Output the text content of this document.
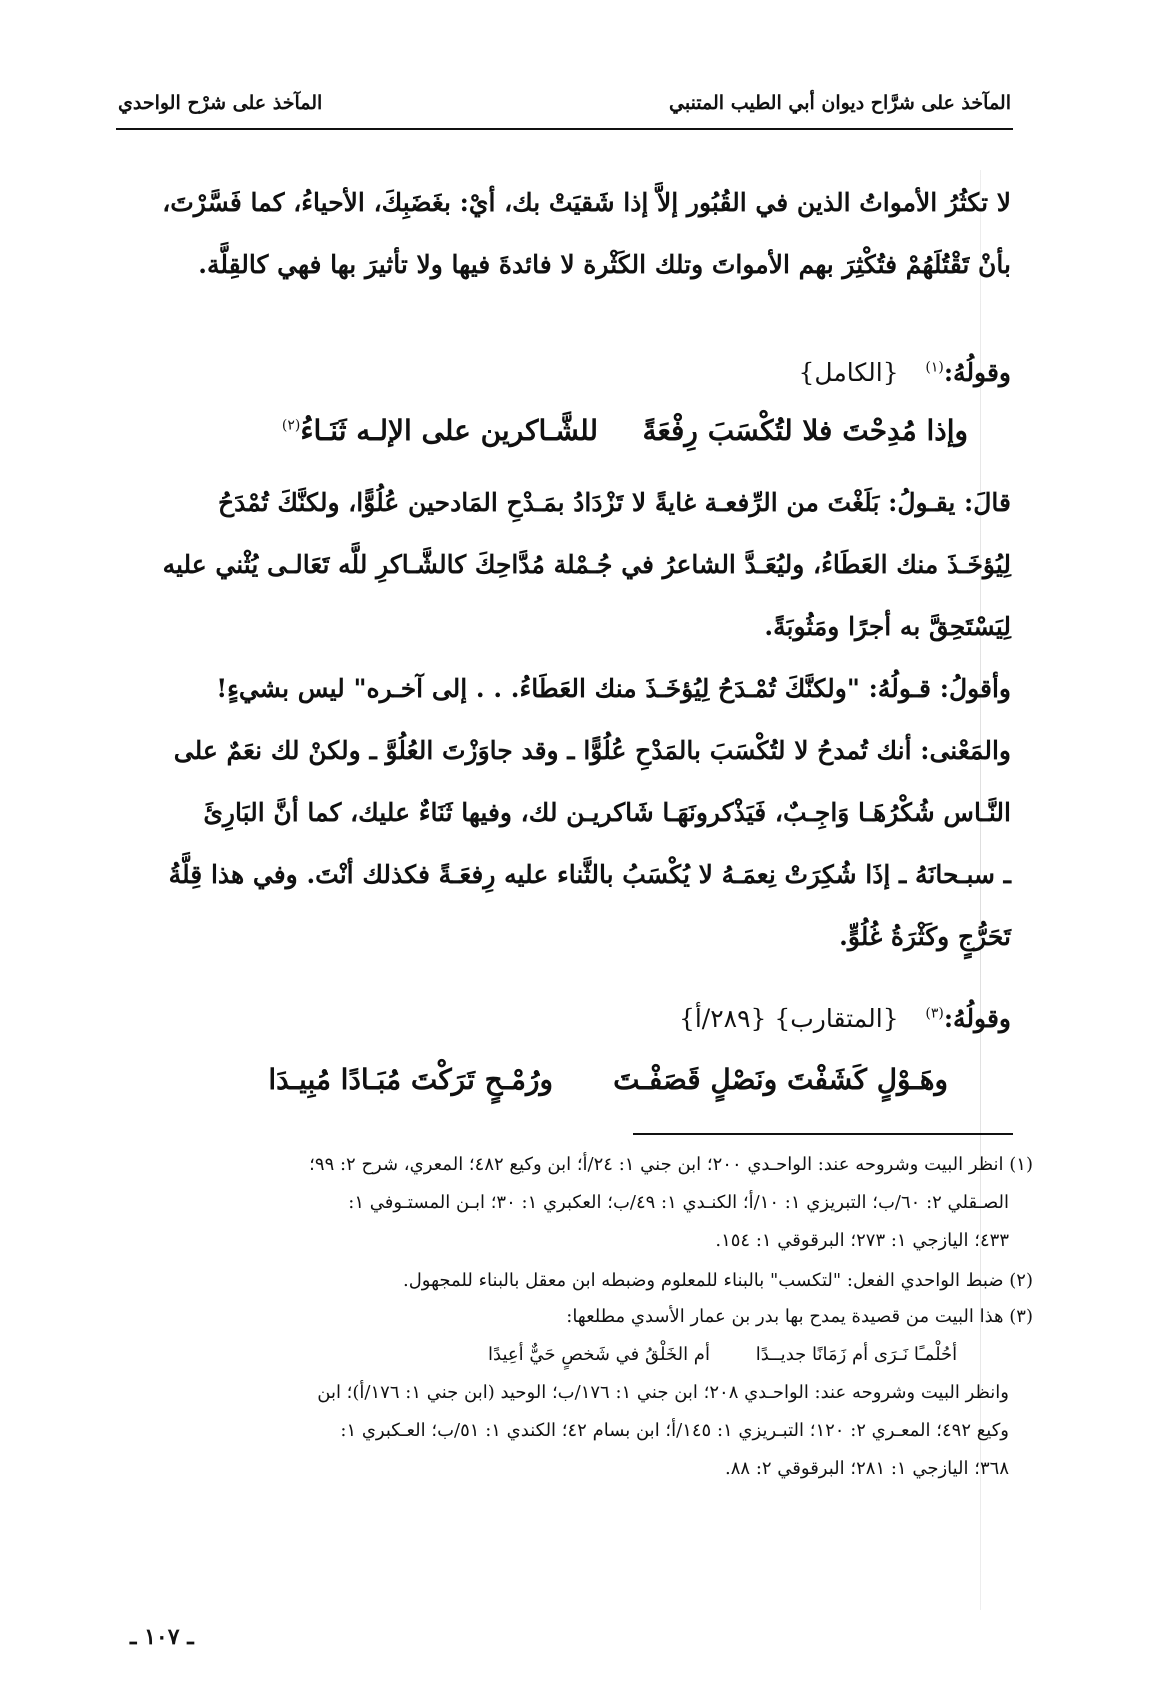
المآخذ على شرَّاح ديوان أبي الطيب المتنبي
المآخذ على شرْح الواحدي
لا تكثُرُ الأمواتُ الذين في القُبُور إلاَّ إذا شَقيَتْ بك، أيْ: بغَضَبِكَ، الأحياءُ، كما فَسَّرْتَ،
بأنْ تَقْتُلَهُمْ فتُكْثِرَ بهم الأمواتَ وتلك الكَثْرة لا فائدةَ فيها ولا تأثيرَ بها فهي كالقِلَّة.
وقولُهُ:$^{(١)}$ {الكامل}
وإذا مُدِحْتَ فلا لتُكْسَبَ رِفْعَةً
للشَّـاكرين على الإلـه ثَنَـاءُ$^{(٢)}$
قالَ: يقـولُ: بَلَغْتَ من الرِّفعـة غايةً لا تَزْدَادُ بمَـدْحِ المَادحين عُلُوًّا، ولكنَّكَ تُمْدَحُ
لِيُؤخَـذَ منك العَطَاءُ، وليُعَـدَّ الشاعرُ في جُـمْلة مُدَّاحِكَ كالشَّـاكرِ للَّه تَعَالـى يُثْني عليه
لِيَسْتَحِقَّ به أجرًا ومَثُوبَةً.
وأقولُ: قـولُهُ: "ولكنَّكَ تُمْـدَحُ لِيُؤخَـذَ منك العَطَاءُ. . . إلى آخـره" ليس بشيءٍ!
والمَعْنى: أنك تُمدحُ لا لتُكْسَبَ بالمَدْحِ عُلُوًّا ـ وقد جاوَزْتَ العُلُوَّ ـ ولكنْ لك نعَمٌ على
النَّـاس شُكْرُهَـا وَاجِـبٌ، فَيَذْكرونَهَـا شَاكريـن لك، وفيها ثَنَاءٌ عليك، كما أنَّ البَارِئَ
ـ سبـحانَهُ ـ إذَا شُكِرَتْ نِعمَـهُ لا يُكْسَبُ بالثَّناء عليه رِفعَـةً فكذلك أنْتَ. وفي هذا قِلَّةُ
تَحَرُّجٍ وكَثْرَةُ غُلُوٍّ.
وقولُهُ:$^{(٣)}$ {المتقارب} {٢٨٩/أ}
وهَـوْلٍ كَشَفْتَ ونَصْلٍ قَصَفْـتَ
ورُمْـحٍ تَرَكْتَ مُبَـادًا مُبِيـدَا

(١) انظر البيت وشروحه عند: الواحـدي ٢٠٠؛ ابن جني ١: ٢٤/أ؛ ابن وكيع ٤٨٢؛ المعري، شرح ٢: ٩٩؛

الصـقلي ٢: ٦٠/ب؛ التبريزي ١: ١٠/أ؛ الكنـدي ١: ٤٩/ب؛ العكبري ١: ٣٠؛ ابـن المستـوفي ١:

٤٣٣؛ اليازجي ١: ٢٧٣؛ البرقوقي ١: ١٥٤.

(٢) ضبط الواحدي الفعل: "لتكسب" بالبناء للمعلوم وضبطه ابن معقل بالبناء للمجهول.

(٣) هذا البيت من قصيدة يمدح بها بدر بن عمار الأسدي مطلعها:

أحُلْمـًا نَـرَى أم زَمَانًا جديــدًا أم الخَلْقُ في شَخصٍ حَيٌّ أعِيدًا

وانظر البيت وشروحه عند: الواحـدي ٢٠٨؛ ابن جني ١: ١٧٦/ب؛ الوحيد (ابن جني ١: ١٧٦/أ)؛ ابن

وكيع ٤٩٢؛ المعـري ٢: ١٢٠؛ التبـريزي ١: ١٤٥/أ؛ ابن بسام ٤٢؛ الكندي ١: ٥١/ب؛ العـكبري ١:

٣٦٨؛ اليازجي ١: ٢٨١؛ البرقوقي ٢: ٨٨.

ـ ١٠٧ ـ
